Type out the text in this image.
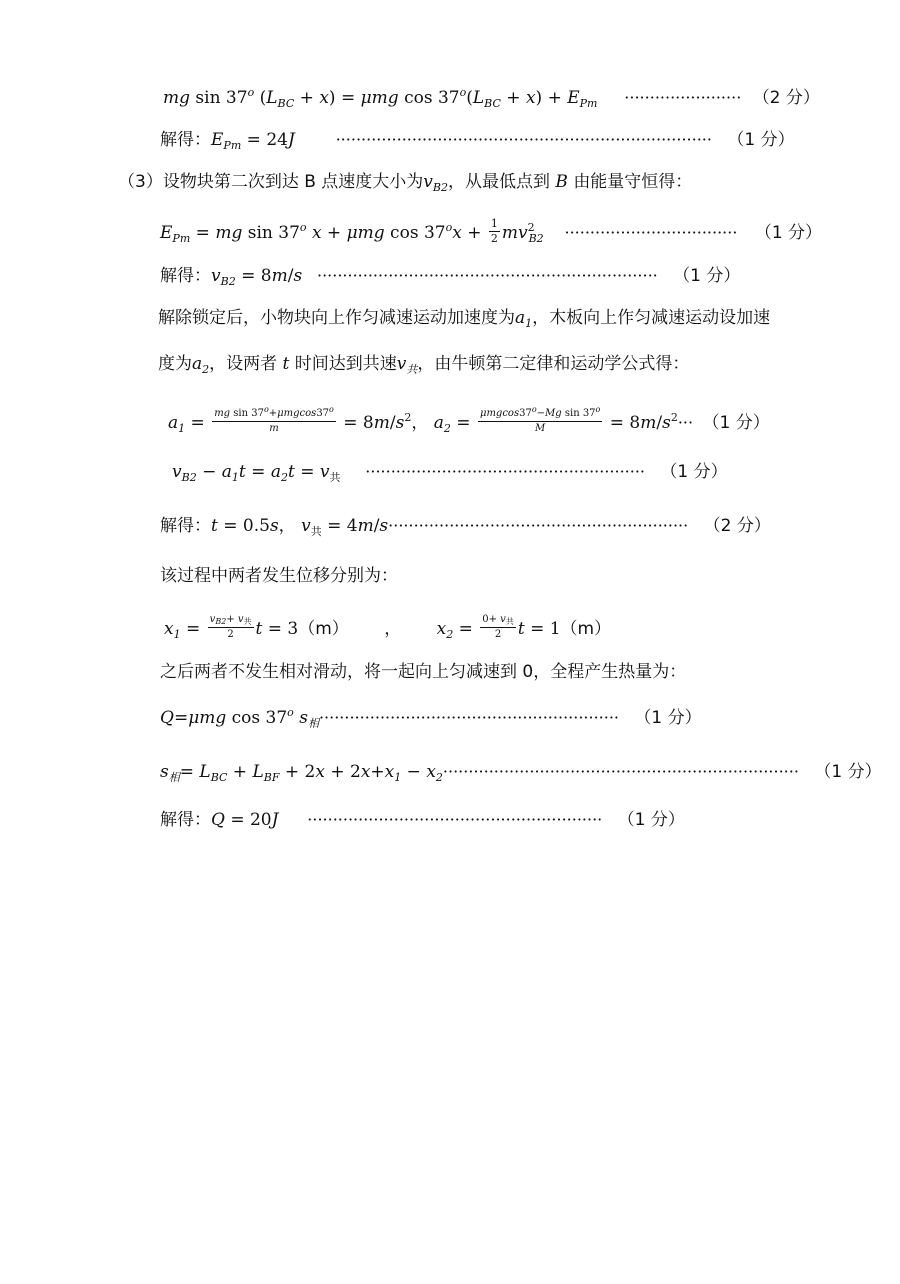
mg sin 37$^o$ $(L_{BC} + x) = \mu mg$ $\cos 37^o(L_{BC} + x) + E_{Pm}$ ······················· （2 分）
解得：$E_{Pm} = 24J$	·········································································· （1 分）
（3）设物块第二次到达 B 点速度大小为$v_{B2}$，从最低点到 B 由能量守恒得：
$E_{Pm}$ = mg sin 37$^o$ x + μmg $\cos 37^ox + \frac{1}{2} mv^2_{B2}$ ·································· （1 分）
解得：$v_{B2} = 8m/s$ ··································································· （1 分）
解除锁定后，小物块向上作匀减速运动加速度为$a_1$，木板向上作匀减速运动设加速
度为$a_2$，设两者 t 时间达到共速$v_共$，由牛顿第二定律和运动学公式得：
$a_1 = \frac{mg \sin 37^o+\mu mgcos37^o}{m} = 8m/s^2$， $a_2 = \frac{\mu mgcos37^o-Mg \sin 37^o}{M} = 8m/s^2\cdot\cdot\cdot (1$ 分）
$v_{B2} - a_1t = a_2t = v_共$ ······················································· （1 分）
解得：t = 0.5s， $v_共 = 4m/s\cdot\cdot\cdot\cdot\cdot\cdot\cdot\cdot\cdot\cdot\cdot\cdot\cdot\cdot\cdot\cdot\cdot\cdot\cdot\cdot\cdot\cdot\cdot\cdot\cdot\cdot\cdot\cdot\cdot\cdot\cdot\cdot\cdot\cdot\cdot\cdot\cdot\cdot\cdot\cdot\cdot\cdot\cdot\cdot\cdot\cdot\cdot\cdot\cdot\cdot\cdot\cdot\cdot\cdot\cdot\cdot\cdot\cdot\cdot (2$ 分）
该过程中两者发生位移分别为：
$x_1 = \frac{v_{B2}+ v_共}{2}$ t = 3（m） ， $x_2 = \frac{0+ v_共}{2}$ t = 1（m）
之后两者不发生相对滑动，将一起向上匀减速到 0，全程产生热量为：
Q=μmg cos 37$^o$ $s_相\cdot\cdot\cdot\cdot\cdot\cdot\cdot\cdot\cdot\cdot\cdot\cdot\cdot\cdot\cdot\cdot\cdot\cdot\cdot\cdot\cdot\cdot\cdot\cdot\cdot\cdot\cdot\cdot\cdot\cdot\cdot\cdot\cdot\cdot\cdot\cdot\cdot\cdot\cdot\cdot\cdot\cdot\cdot\cdot\cdot\cdot\cdot\cdot\cdot\cdot\cdot\cdot\cdot\cdot\cdot\cdot\cdot\cdot\cdot (1$ 分）
$s_相= L_{BC} + L_{BF} + 2x + 2x+x_1 - x_2\cdot\cdot\cdot\cdot\cdot\cdot\cdot\cdot\cdot\cdot\cdot\cdot\cdot\cdot\cdot\cdot\cdot\cdot\cdot\cdot\cdot\cdot\cdot\cdot\cdot\cdot\cdot\cdot\cdot\cdot\cdot\cdot\cdot\cdot\cdot\cdot\cdot\cdot\cdot\cdot\cdot\cdot\cdot\cdot\cdot\cdot\cdot\cdot\cdot\cdot\cdot\cdot\cdot\cdot\cdot\cdot\cdot\cdot\cdot\cdot\cdot\cdot\cdot\cdot\cdot\cdot\cdot\cdot\cdot\cdot (1$ 分）
解得：Q = 20J ·························································· （1 分）
